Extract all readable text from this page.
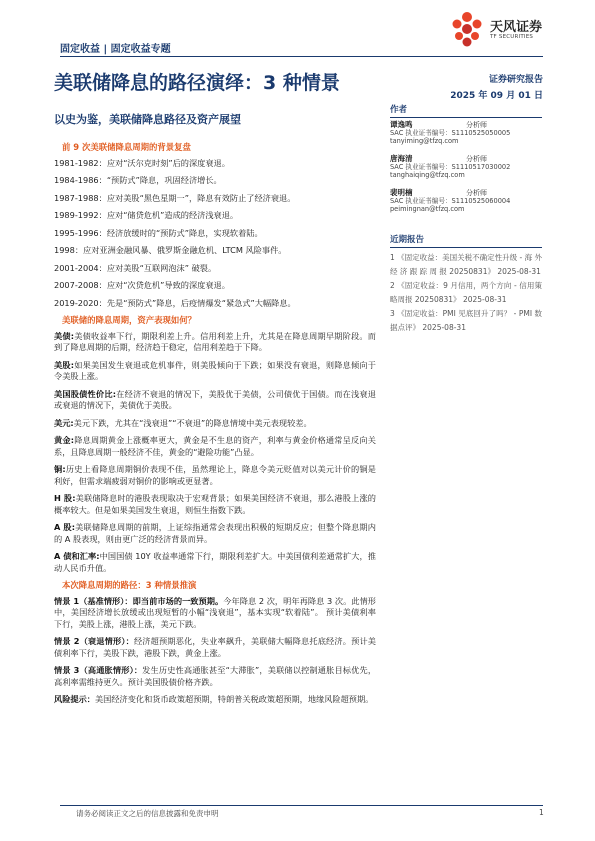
固定收益 | 固定收益专题
天风证券
TF SECURITIES
美联储降息的路径演绎：3 种情景	证券研究报告
2025 年 09 月 01 日
以史为鉴，美联储降息路径及资产展望
前 9 次美联储降息周期的背景复盘
1981-1982：应对“沃尔克时刻”后的深度衰退。
1984-1986：“预防式”降息，巩固经济增长。
1987-1988：应对美股“黑色星期一”，降息有效防止了经济衰退。
1989-1992：应对“储贷危机”造成的经济浅衰退。
1995-1996：经济放缓时的“预防式”降息，实现软着陆。
1998：应对亚洲金融风暴、俄罗斯金融危机、LTCM 风险事件。
2001-2004：应对美股“互联网泡沫” 破裂。
2007-2008：应对“次贷危机”导致的深度衰退。
2019-2020：先是“预防式”降息，后疫情爆发“紧急式”大幅降息。
美联储的降息周期，资产表现如何？
美债:美债收益率下行，期限利差上升。信用利差上升，尤其是在降息周期早期阶段。而到了降息周期的后期，经济趋于稳定，信用利差趋于下降。
美股:如果美国发生衰退或危机事件，则美股倾向于下跌；如果没有衰退，则降息倾向于令美股上涨。
美国股债性价比:在经济不衰退的情况下，美股优于美债，公司债优于国债。而在浅衰退或衰退的情况下，美债优于美股。
美元:美元下跌，尤其在“浅衰退”“不衰退”的降息情境中美元表现较差。
黄金:降息周期黄金上涨概率更大，黄金是不生息的资产，利率与黄金价格通常呈反向关系，且降息周期一般经济不佳，黄金的“避险功能”凸显。
铜:历史上看降息周期铜价表现不佳，虽然理论上，降息令美元贬值对以美元计价的铜是利好，但需求端疲弱对铜价的影响或更显著。
H 股:美联储降息时的港股表现取决于宏观背景；如果美国经济不衰退，那么港股上涨的概率较大。但是如果美国发生衰退，则恒生指数下跌。
A 股:美联储降息周期的前期，上证综指通常会表现出积极的短期反应；但整个降息期内的 A 股表现，则由更广泛的经济背景而异。
A 债和汇率:中国国债 10Y 收益率通常下行，期限利差扩大。中美国债利差通常扩大，推动人民币升值。
本次降息周期的路径：3 种情景推演
情景 1（基准情形）：即当前市场的一致预期。今年降息 2 次，明年再降息 3 次。此情形中，美国经济增长放缓或出现短暂的小幅“浅衰退”，基本实现“软着陆”。 预计美债利率下行，美股上涨，港股上涨，美元下跌。
情景 2（衰退情形）：经济超预期恶化，失业率飙升，美联储大幅降息托底经济。预计美债利率下行，美股下跌，港股下跌，黄金上涨。
情景 3（高通胀情形）：发生历史性高通胀甚至“大滞胀”，美联储以控制通胀目标优先，高利率需维持更久。预计美国股债价格齐跌。
风险提示：美国经济变化和货币政策超预期，特朗普关税政策超预期，地缘风险超预期。
作者
谭逸鸣	分析师
SAC 执业证书编号：S1110525050005
tanyiming@tfzq.com
唐海清	分析师
SAC 执业证书编号：S1110517030002
tanghaiqing@tfzq.com
裴明楠	分析师
SAC 执业证书编号：S1110525060004
peimingnan@tfzq.com
近期报告
1 《固定收益：美国关税不确定性升级 - 海 外 经 济 跟 踪 周 报 20250831》 2025-08-31
2 《固定收益：9 月信用，两个方向 - 信用策略周报 20250831》 2025-08-31
3 《固定收益：PMI 见底回升了吗？ - PMI 数据点评》 2025-08-31
请务必阅读正文之后的信息披露和免责申明	1
